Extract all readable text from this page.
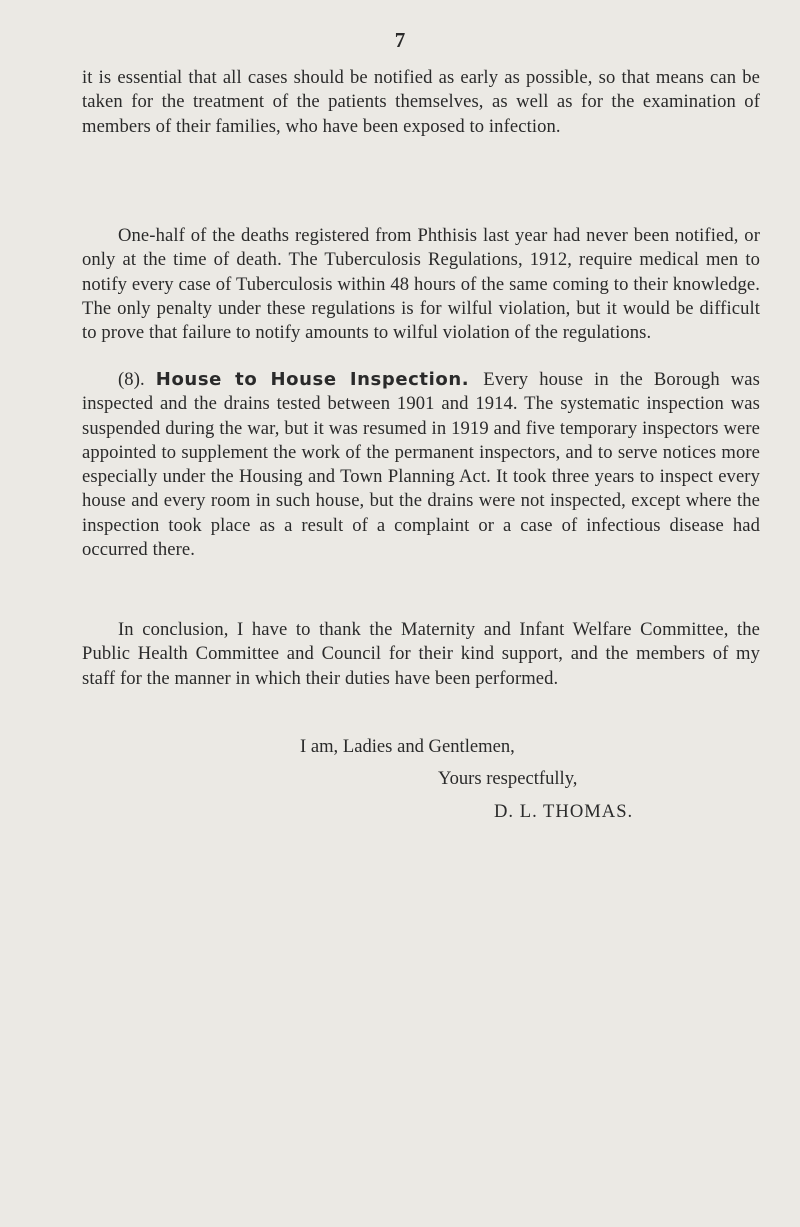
7

it is essential that all cases should be notified as early as possible, so that means can be taken for the treatment of the patients themselves, as well as for the examination of members of their families, who have been exposed to infection.

One-half of the deaths registered from Phthisis last year had never been notified, or only at the time of death. The Tuberculosis Regulations, 1912, require medical men to notify every case of Tuberculosis within 48 hours of the same coming to their knowledge. The only penalty under these regulations is for wilful violation, but it would be difficult to prove that failure to notify amounts to wilful violation of the regulations.

(8). House to House Inspection. Every house in the Borough was inspected and the drains tested between 1901 and 1914. The systematic inspection was suspended during the war, but it was resumed in 1919 and five temporary inspectors were appointed to supplement the work of the permanent inspectors, and to serve notices more especially under the Housing and Town Planning Act. It took three years to inspect every house and every room in such house, but the drains were not inspected, except where the inspection took place as a result of a complaint or a case of infectious disease had occurred there.

In conclusion, I have to thank the Maternity and Infant Welfare Committee, the Public Health Committee and Council for their kind support, and the members of my staff for the manner in which their duties have been performed.

I am, Ladies and Gentlemen,
Yours respectfully,
D. L. THOMAS.
